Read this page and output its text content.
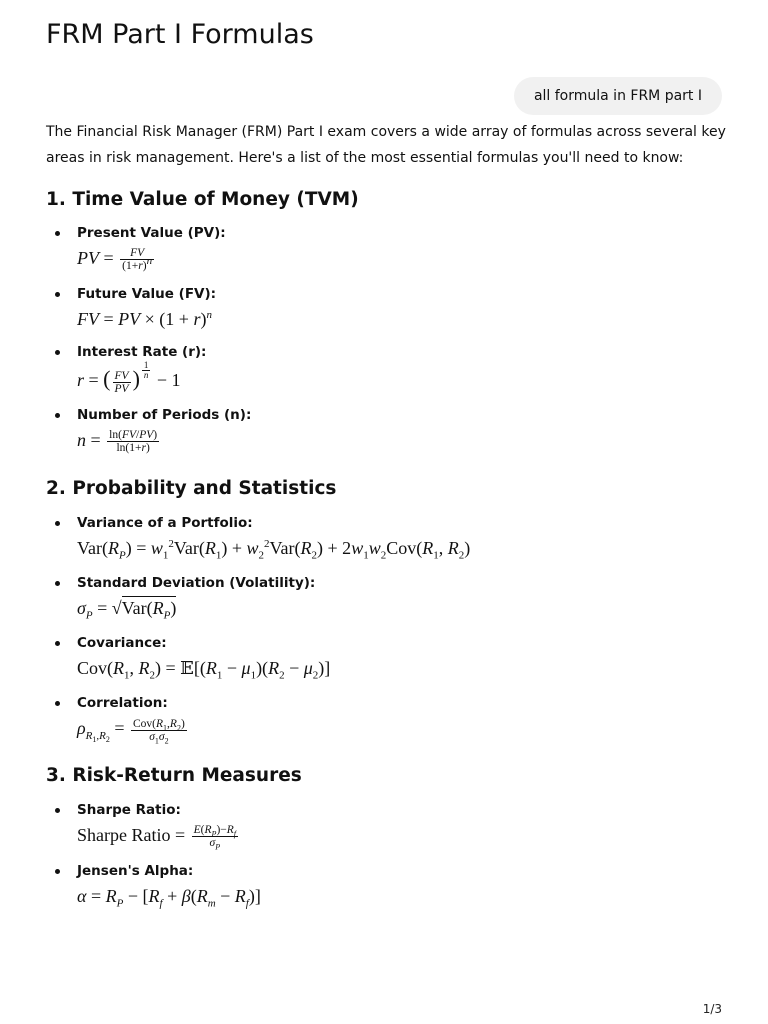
FRM Part I Formulas
all formula in FRM part I

The Financial Risk Manager (FRM) Part I exam covers a wide array of formulas across several key areas in risk management. Here's a list of the most essential formulas you'll need to know:

1. Time Value of Money (TVM)
Present Value (PV):
PV = $\frac{FV}{(1+r)^n}$
Future Value (FV):
FV = PV × $(1 + r)^n$
Interest Rate (r):
r = ( $\frac{FV}{PV}$ ) $^{\frac{1}{n}}$ − 1
Number of Periods (n):
$n = \frac{\ln(FV/PV)}{\ln(1+r)}$
2. Probability and Statistics
Variance of a Portfolio:
$Var(R_P) = w_1^2Var(R_1) + w_2^2Var(R_2) + 2w_1w_2Cov(R_1$, $R_2$)
Standard Deviation (Volatility):
$\sigma_P = √Var(R_P)$
Covariance:
$Cov(R_1$, $R_2$) = $𝔼[(R_1 - \mu_1)(R_2 - \mu_2)]$
Correlation:
$\rho_{R_1,R_2} = \frac{Cov(R_1,R_2)}{\sigma_1\sigma_2}$
3. Risk-Return Measures
Sharpe Ratio:
Sharpe Ratio = $\frac{E(R_P)-R_f}{\sigma_P}$
Jensen's Alpha:
$\alpha = R_P - [R_f + \beta(R_m - R_f)]$
1/3
